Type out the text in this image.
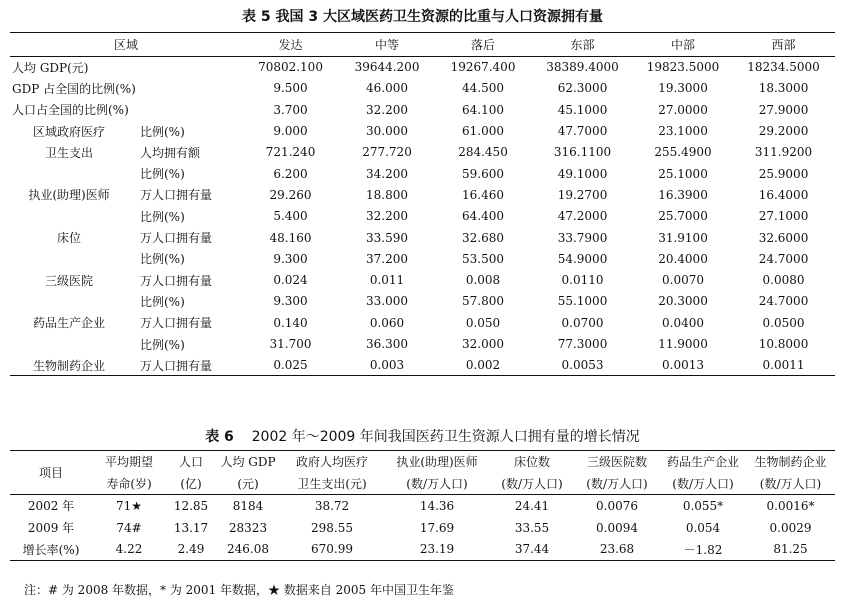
表 5 我国 3 大区域医药卫生资源的比重与人口资源拥有量
区域		发达	中等	落后	东部	中部	西部
人均 GDP(元)		70802.100	39644.200	19267.400	38389.4000	19823.5000	18234.5000
GDP 占全国的比例(%)		9.500	46.000	44.500	62.3000	19.3000	18.3000
人口占全国的比例(%)		3.700	32.200	64.100	45.1000	27.0000	27.9000
区域政府医疗	比例(%)	9.000	30.000	61.000	47.7000	23.1000	29.2000
卫生支出	人均拥有额	721.240	277.720	284.450	316.1100	255.4900	311.9200
	比例(%)	6.200	34.200	59.600	49.1000	25.1000	25.9000
执业(助理)医师	万人口拥有量	29.260	18.800	16.460	19.2700	16.3900	16.4000
	比例(%)	5.400	32.200	64.400	47.2000	25.7000	27.1000
床位	万人口拥有量	48.160	33.590	32.680	33.7900	31.9100	32.6000
	比例(%)	9.300	37.200	53.500	54.9000	20.4000	24.7000
三级医院	万人口拥有量	0.024	0.011	0.008	0.0110	0.0070	0.0080
	比例(%)	9.300	33.000	57.800	55.1000	20.3000	24.7000
药品生产企业	万人口拥有量	0.140	0.060	0.050	0.0700	0.0400	0.0500
	比例(%)	31.700	36.300	32.000	77.3000	11.9000	10.8000
生物制药企业	万人口拥有量	0.025	0.003	0.002	0.0053	0.0013	0.0011
表 6 2002 年～2009 年间我国医药卫生资源人口拥有量的增长情况
项目	平均期望	人口	人均 GDP	政府人均医疗	执业(助理)医师	床位数	三级医院数	药品生产企业	生物制药企业
	寿命(岁)	(亿)	(元)	卫生支出(元)	(数/万人口)	(数/万人口)	(数/万人口)	(数/万人口)	(数/万人口)
2002 年	71★	12.85	8184	38.72	14.36	24.41	0.0076	0.055*	0.0016*
2009 年	74#	13.17	28323	298.55	17.69	33.55	0.0094	0.054	0.0029
增长率(%)	4.22	2.49	246.08	670.99	23.19	37.44	23.68	－1.82	81.25
注：# 为 2008 年数据，* 为 2001 年数据，★ 数据来自 2005 年中国卫生年鉴
